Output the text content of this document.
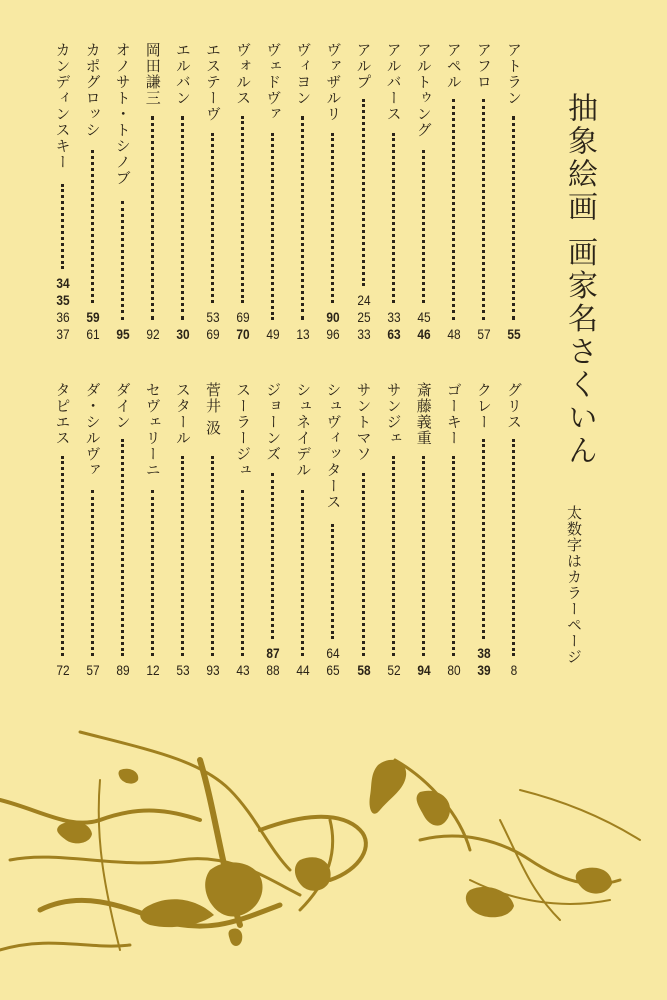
抽象絵画 画家名さくいん
太数字はカラーページ
アトラン
55
アフロ
57
アペル
48
アルトゥング
45
46
アルバース
33
63
アルプ
24
25
33
ヴァザルリ
90
96
ヴィヨン
13
ヴェドヴァ
49
ヴォルス
69
70
エステーヴ
53
69
エルバン
30
岡田謙三
92
オノサト・トシノブ
95
カポグロッシ
59
61
カンディンスキー
34
35
36
37
グリス
8
クレー
38
39
ゴーキー
80
斎藤義重
94
サンジェ
52
サントマソ
58
シュヴィッタース
64
65
シュネイデル
44
ジョーンズ
87
88
スーラージュ
43
菅井 汲
93
スタール
53
セヴェリーニ
12
ダイン
89
ダ・シルヴァ
57
タピエス
72
